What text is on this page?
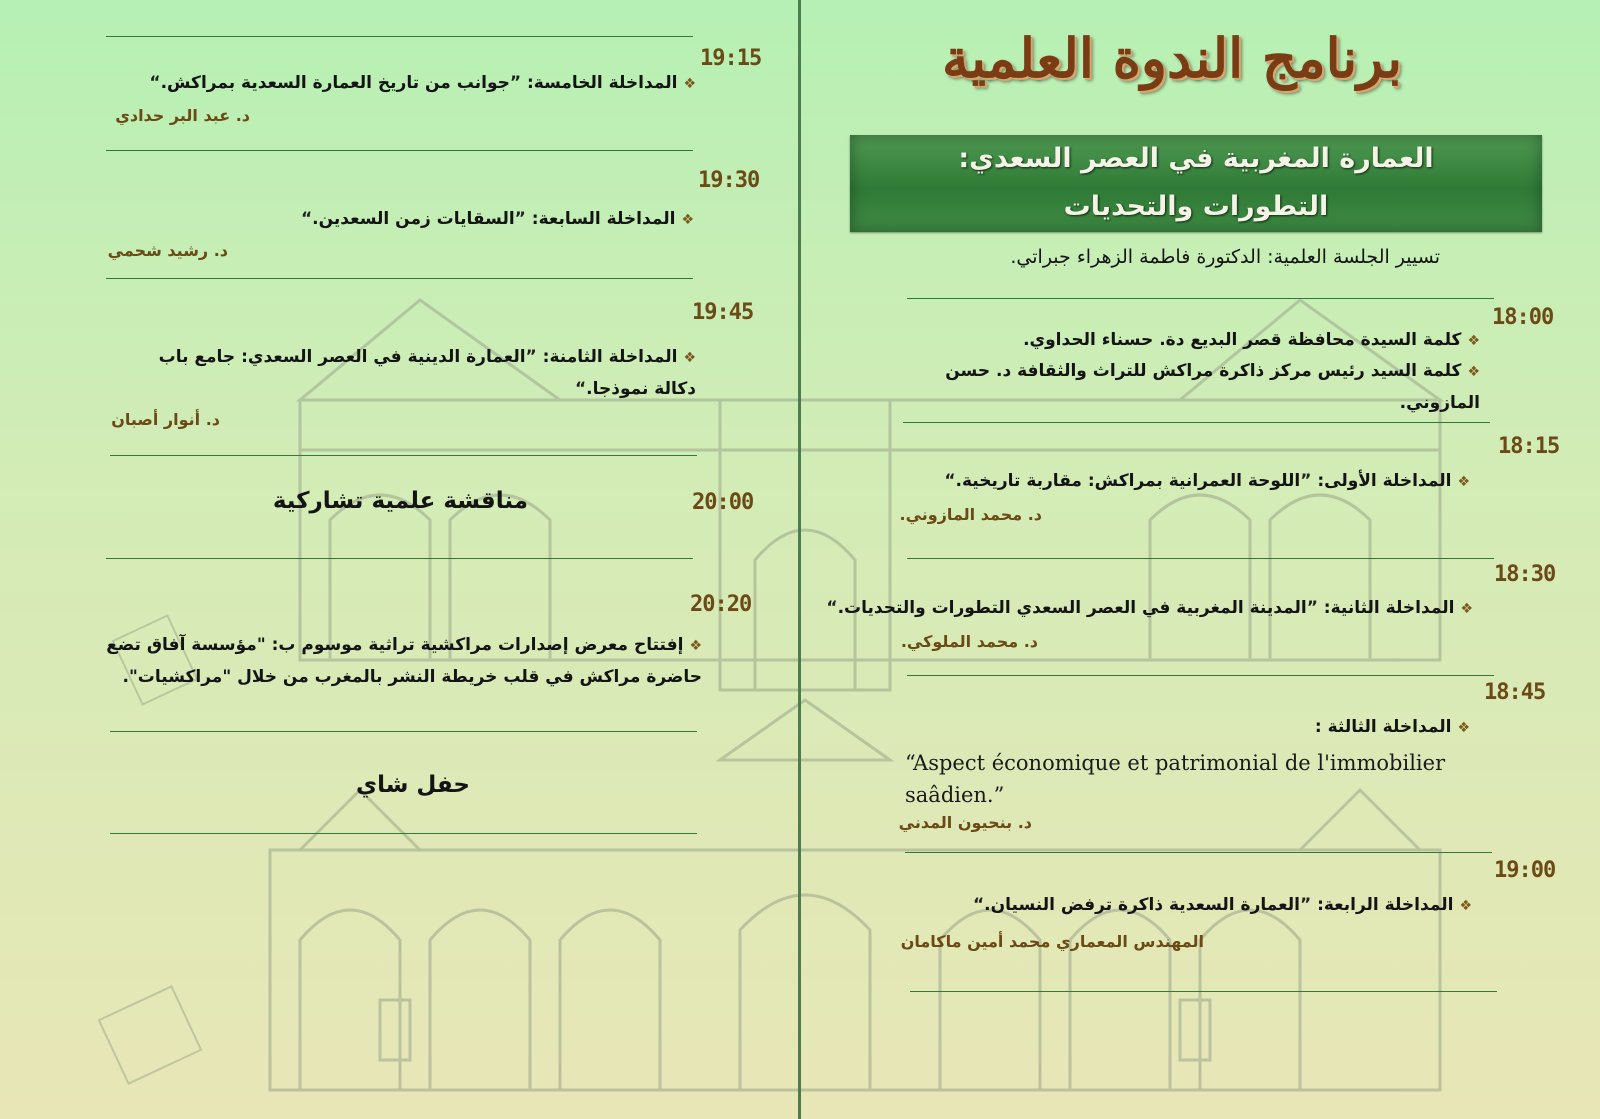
برنامج الندوة العلمية
العمارة المغربية في العصر السعدي: التطورات والتحديات
تسيير الجلسة العلمية: الدكتورة فاطمة الزهراء جبراتي.
18:00
❖كلمة السيدة محافظة قصر البديع دة. حسناء الحداوي.
❖كلمة السيد رئيس مركز ذاكرة مراكش للتراث والثقافة د. حسن المازوني.
18:15
❖المداخلة الأولى: ”اللوحة العمرانية بمراكش: مقاربة تاريخية.“
د. محمد المازوني.
18:30
❖المداخلة الثانية: ”المدينة المغربية في العصر السعدي التطورات والتحديات.“
د. محمد الملوكي.
18:45
❖المداخلة الثالثة :
“Aspect économique et patrimonial de l'immobilier saâdien.”
د. بنحيون المدني
19:00
❖المداخلة الرابعة: ”العمارة السعدية ذاكرة ترفض النسيان.“
المهندس المعماري محمد أمين ماكامان
19:15
❖المداخلة الخامسة: ”جوانب من تاريخ العمارة السعدية بمراكش.“
د. عبد البر حدادي
19:30
❖المداخلة السابعة: ”السقايات زمن السعدين.“
د. رشيد شحمي
19:45
❖المداخلة الثامنة: ”العمارة الدينية في العصر السعدي: جامع باب دكالة نموذجا.“
د. أنوار أصبان
20:00
مناقشة علمية تشاركية
20:20
❖إفتتاح معرض إصدارات مراكشية تراثية موسوم ب: "مؤسسة آفاق تضع حاضرة مراكش في قلب خريطة النشر بالمغرب من خلال "مراكشيات".
حفل شاي
